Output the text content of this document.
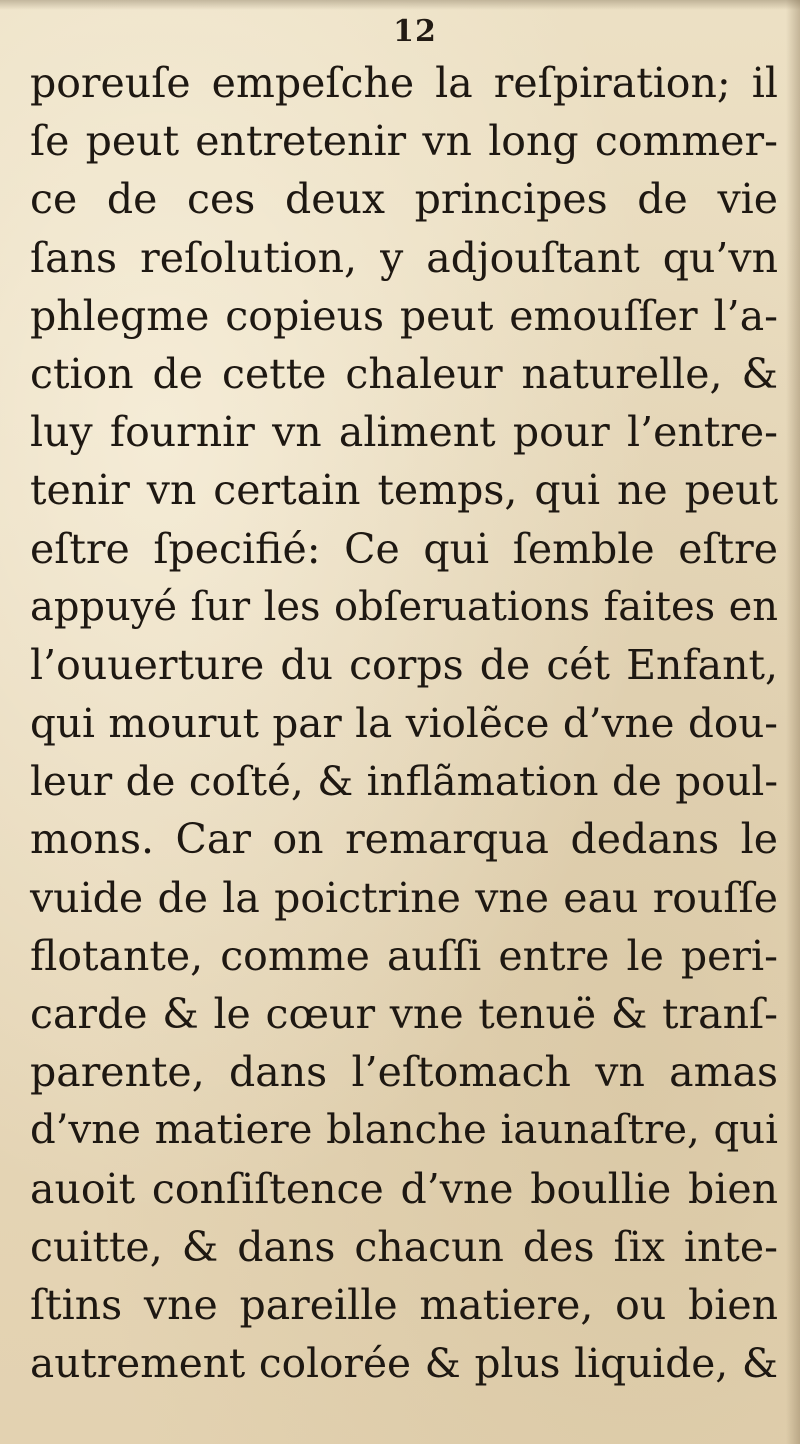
12
poreuſe empeſche la reſpiration; il
ſe peut entretenir vn long commer-
ce de ces deux principes de vie
ſans reſolution, y adjouſtant qu’vn
phlegme copieus peut emouſſer l’a-
ction de cette chaleur naturelle, &
luy fournir vn aliment pour l’entre-
tenir vn certain temps, qui ne peut
eſtre ſpecifié: Ce qui ſemble eſtre
appuyé ſur les obſeruations faites en
l’ouuerture du corps de cét Enfant,
qui mourut par la violẽce d’vne dou-
leur de coſté, & inflãmation de poul-
mons. Car on remarqua dedans le
vuide de la poictrine vne eau rouſſe
flotante, comme auſſi entre le peri-
carde & le cœur vne tenuë & tranſ-
parente, dans l’eſtomach vn amas
d’vne matiere blanche iaunaſtre, qui
auoit conſiſtence d’vne boullie bien
cuitte, & dans chacun des ſix inte-
ſtins vne pareille matiere, ou bien
autrement colorée & plus liquide, &
